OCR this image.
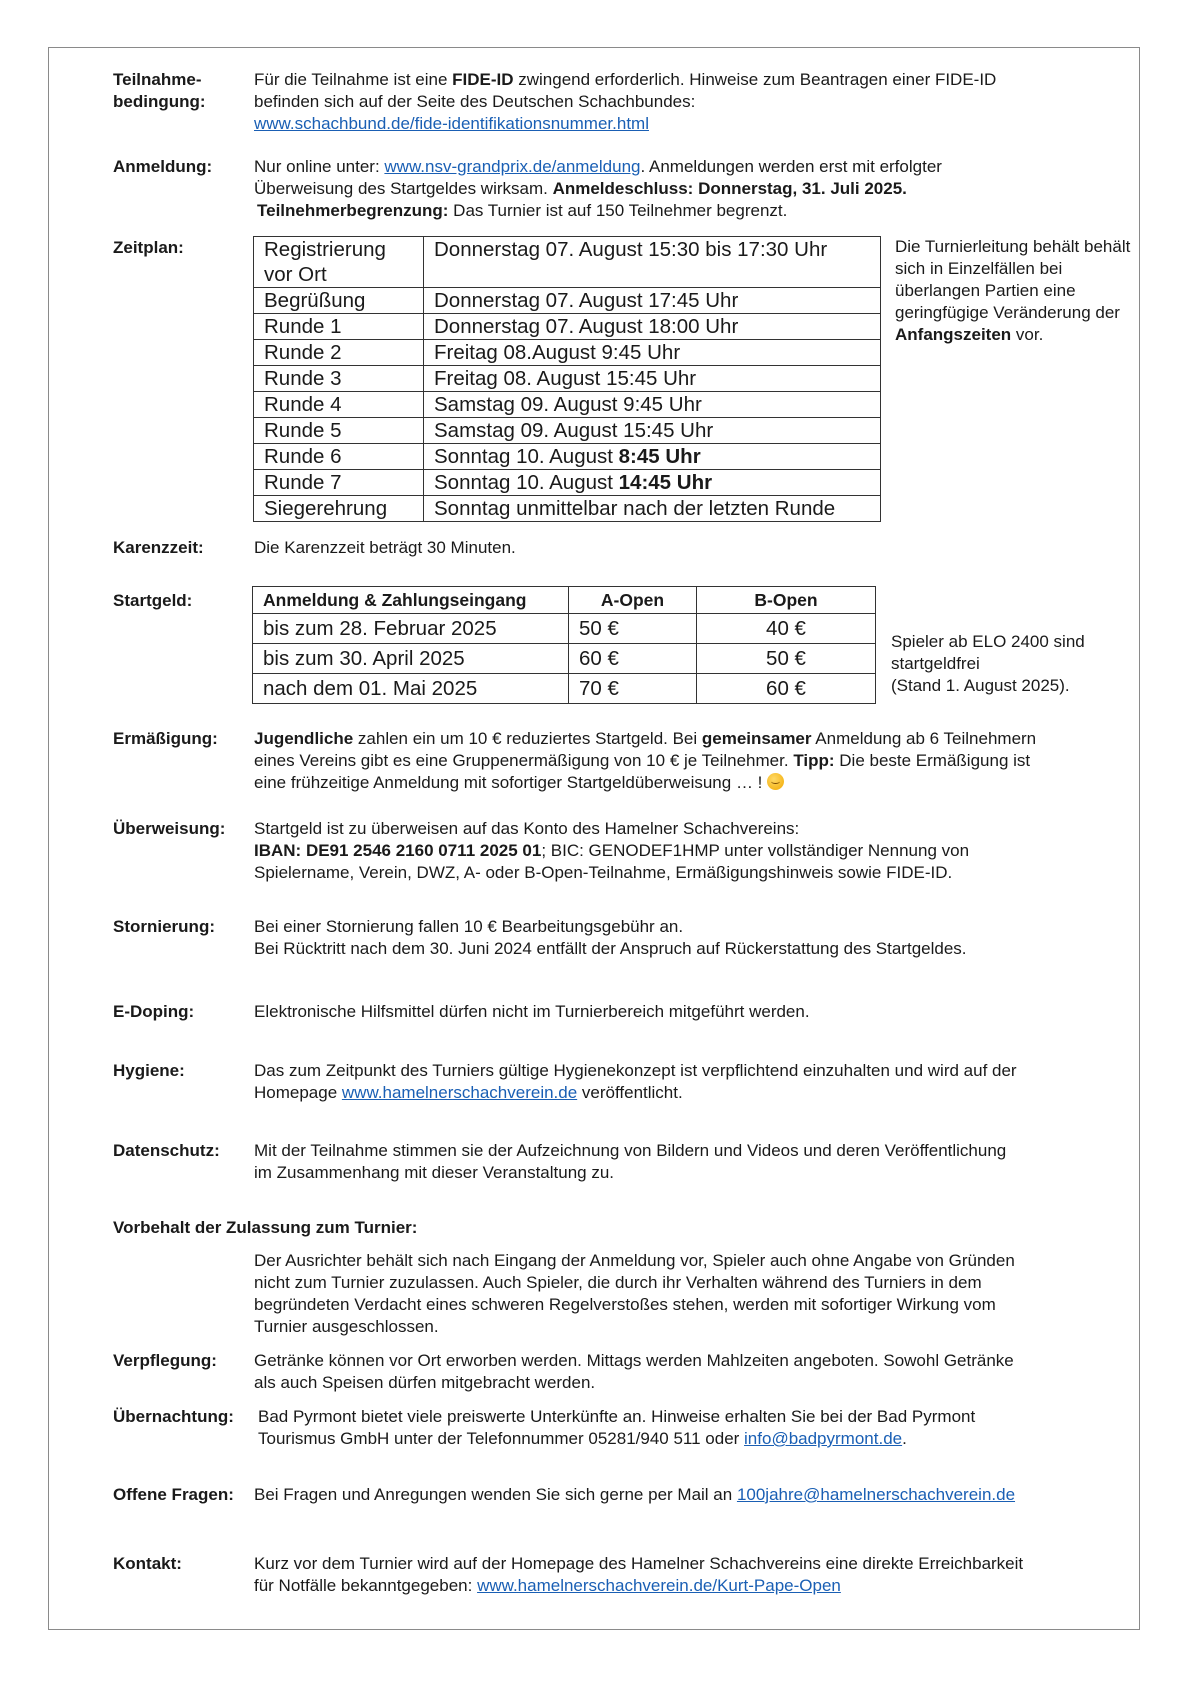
Teilnahme-
bedingung:
Für die Teilnahme ist eine FIDE-ID zwingend erforderlich. Hinweise zum Beantragen einer FIDE-ID
befinden sich auf der Seite des Deutschen Schachbundes:
www.schachbund.de/fide-identifikationsnummer.html
Anmeldung: Nur online unter: www.nsv-grandprix.de/anmeldung. Anmeldungen werden erst mit erfolgter
Überweisung des Startgeldes wirksam. Anmeldeschluss: Donnerstag, 31. Juli 2025.
Teilnehmerbegrenzung: Das Turnier ist auf 150 Teilnehmer begrenzt.
Zeitplan:	Registrierung vor Ort	Donnerstag 07. August 15:30 bis 17:30 Uhr
Begrüßung	Donnerstag 07. August 17:45 Uhr
Runde 1	Donnerstag 07. August 18:00 Uhr
Runde 2	Freitag 08.August 9:45 Uhr
Runde 3	Freitag 08. August 15:45 Uhr
Runde 4	Samstag 09. August 9:45 Uhr
Runde 5	Samstag 09. August 15:45 Uhr
Runde 6	Sonntag 10. August 8:45 Uhr
Runde 7	Sonntag 10. August 14:45 Uhr
Siegerehrung	Sonntag unmittelbar nach der letzten Runde
Die Turnierleitung behält behält sich in Einzelfällen bei überlangen Partien eine geringfügige Veränderung der Anfangszeiten vor.
Karenzzeit:	Die Karenzzeit beträgt 30 Minuten.
Startgeld:	Anmeldung & Zahlungseingang	A-Open	B-Open
bis zum 28. Februar 2025	50 €	40 €
bis zum 30. April 2025	60 €	50 €
nach dem 01. Mai 2025	70 €	60 €
Spieler ab ELO 2400 sind startgeldfrei
(Stand 1. August 2025).
Ermäßigung: Jugendliche zahlen ein um 10 € reduziertes Startgeld. Bei gemeinsamer Anmeldung ab 6 Teilnehmern
eines Vereins gibt es eine Gruppenermäßigung von 10 € je Teilnehmer. Tipp: Die beste Ermäßigung ist
eine frühzeitige Anmeldung mit sofortiger Startgeldüberweisung … !
Überweisung: Startgeld ist zu überweisen auf das Konto des Hamelner Schachvereins:
IBAN: DE91 2546 2160 0711 2025 01; BIC: GENODEF1HMP unter vollständiger Nennung von
Spielername, Verein, DWZ, A- oder B-Open-Teilnahme, Ermäßigungshinweis sowie FIDE-ID.
Stornierung: Bei einer Stornierung fallen 10 € Bearbeitungsgebühr an.
Bei Rücktritt nach dem 30. Juni 2024 entfällt der Anspruch auf Rückerstattung des Startgeldes.
E-Doping:	Elektronische Hilfsmittel dürfen nicht im Turnierbereich mitgeführt werden.
Hygiene:	Das zum Zeitpunkt des Turniers gültige Hygienekonzept ist verpflichtend einzuhalten und wird auf der
Homepage www.hamelnerschachverein.de veröffentlicht.
Datenschutz: Mit der Teilnahme stimmen sie der Aufzeichnung von Bildern und Videos und deren Veröffentlichung
im Zusammenhang mit dieser Veranstaltung zu.
Vorbehalt der Zulassung zum Turnier:
Der Ausrichter behält sich nach Eingang der Anmeldung vor, Spieler auch ohne Angabe von Gründen
nicht zum Turnier zuzulassen. Auch Spieler, die durch ihr Verhalten während des Turniers in dem
begründeten Verdacht eines schweren Regelverstoßes stehen, werden mit sofortiger Wirkung vom
Turnier ausgeschlossen.
Verpflegung: Getränke können vor Ort erworben werden. Mittags werden Mahlzeiten angeboten. Sowohl Getränke
als auch Speisen dürfen mitgebracht werden.
Übernachtung: Bad Pyrmont bietet viele preiswerte Unterkünfte an. Hinweise erhalten Sie bei der Bad Pyrmont
Tourismus GmbH unter der Telefonnummer 05281/940 511 oder info@badpyrmont.de.
Offene Fragen: Bei Fragen und Anregungen wenden Sie sich gerne per Mail an 100jahre@hamelnerschachverein.de
Kontakt:	Kurz vor dem Turnier wird auf der Homepage des Hamelner Schachvereins eine direkte Erreichbarkeit
für Notfälle bekanntgegeben: www.hamelnerschachverein.de/Kurt-Pape-Open
